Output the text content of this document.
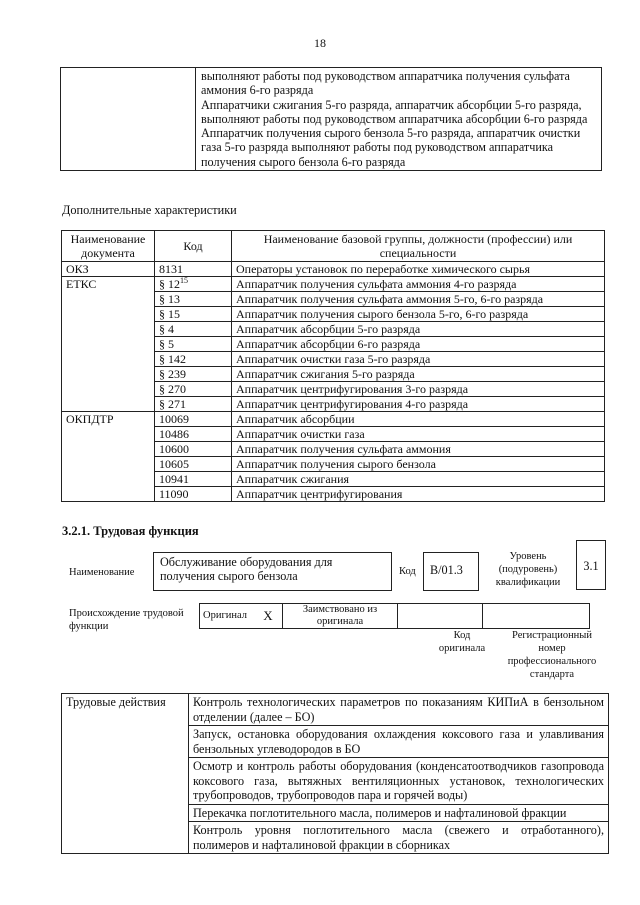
18

выполняют работы под руководством аппаратчика получения сульфата аммония 6-го разряда

Аппаратчики сжигания 5-го разряда, аппаратчик абсорбции 5-го разряда, выполняют работы под руководством аппаратчика абсорбции 6-го разряда

Аппаратчик получения сырого бензола 5-го разряда, аппаратчик очистки газа 5-го разряда выполняют работы под руководством аппаратчика получения сырого бензола 6-го разряда

Дополнительные характеристики
Наименование документа	Код	Наименование базовой группы, должности (профессии) или специальности
ОКЗ	8131	Операторы установок по переработке химического сырья
ЕТКС	§ $12^{15}$	Аппаратчик получения сульфата аммония 4-го разряда
	§ 13	Аппаратчик получения сульфата аммония 5-го, 6-го разряда
	§ 15	Аппаратчик получения сырого бензола 5-го, 6-го разряда
	§ 4	Аппаратчик абсорбции 5-го разряда
	§ 5	Аппаратчик абсорбции 6-го разряда
	§ 142	Аппаратчик очистки газа 5-го разряда
	§ 239	Аппаратчик сжигания 5-го разряда
	§ 270	Аппаратчик центрифугирования 3-го разряда
	§ 271	Аппаратчик центрифугирования 4-го разряда
ОКПДТР	10069	Аппаратчик абсорбции
	10486	Аппаратчик очистки газа
	10600	Аппаратчик получения сульфата аммония
	10605	Аппаратчик получения сырого бензола
	10941	Аппаратчик сжигания
	11090	Аппаратчик центрифугирования
3.2.1. Трудовая функция
Наименование
Обслуживание оборудования для получения сырого бензола	Код	B/01.3
Уровень (подуровень) квалификации
3.1
Происхождение трудовой функции
Оригинал	X	Заимствовано из оригинала		
Код оригинала
Регистрационный номер профессионального стандарта
Трудовые действия	Контроль технологических параметров по показаниям КИПиА в бензольном отделении (далее – БО)
Запуск, остановка оборудования охлаждения коксового газа и улавливания бензольных углеводородов в БО
Осмотр и контроль работы оборудования (конденсатоотводчиков газопровода коксового газа, вытяжных вентиляционных установок, технологических трубопроводов, трубопроводов пара и горячей воды)
Перекачка поглотительного масла, полимеров и нафталиновой фракции
Контроль уровня поглотительного масла (свежего и отработанного), полимеров и нафталиновой фракции в сборниках
